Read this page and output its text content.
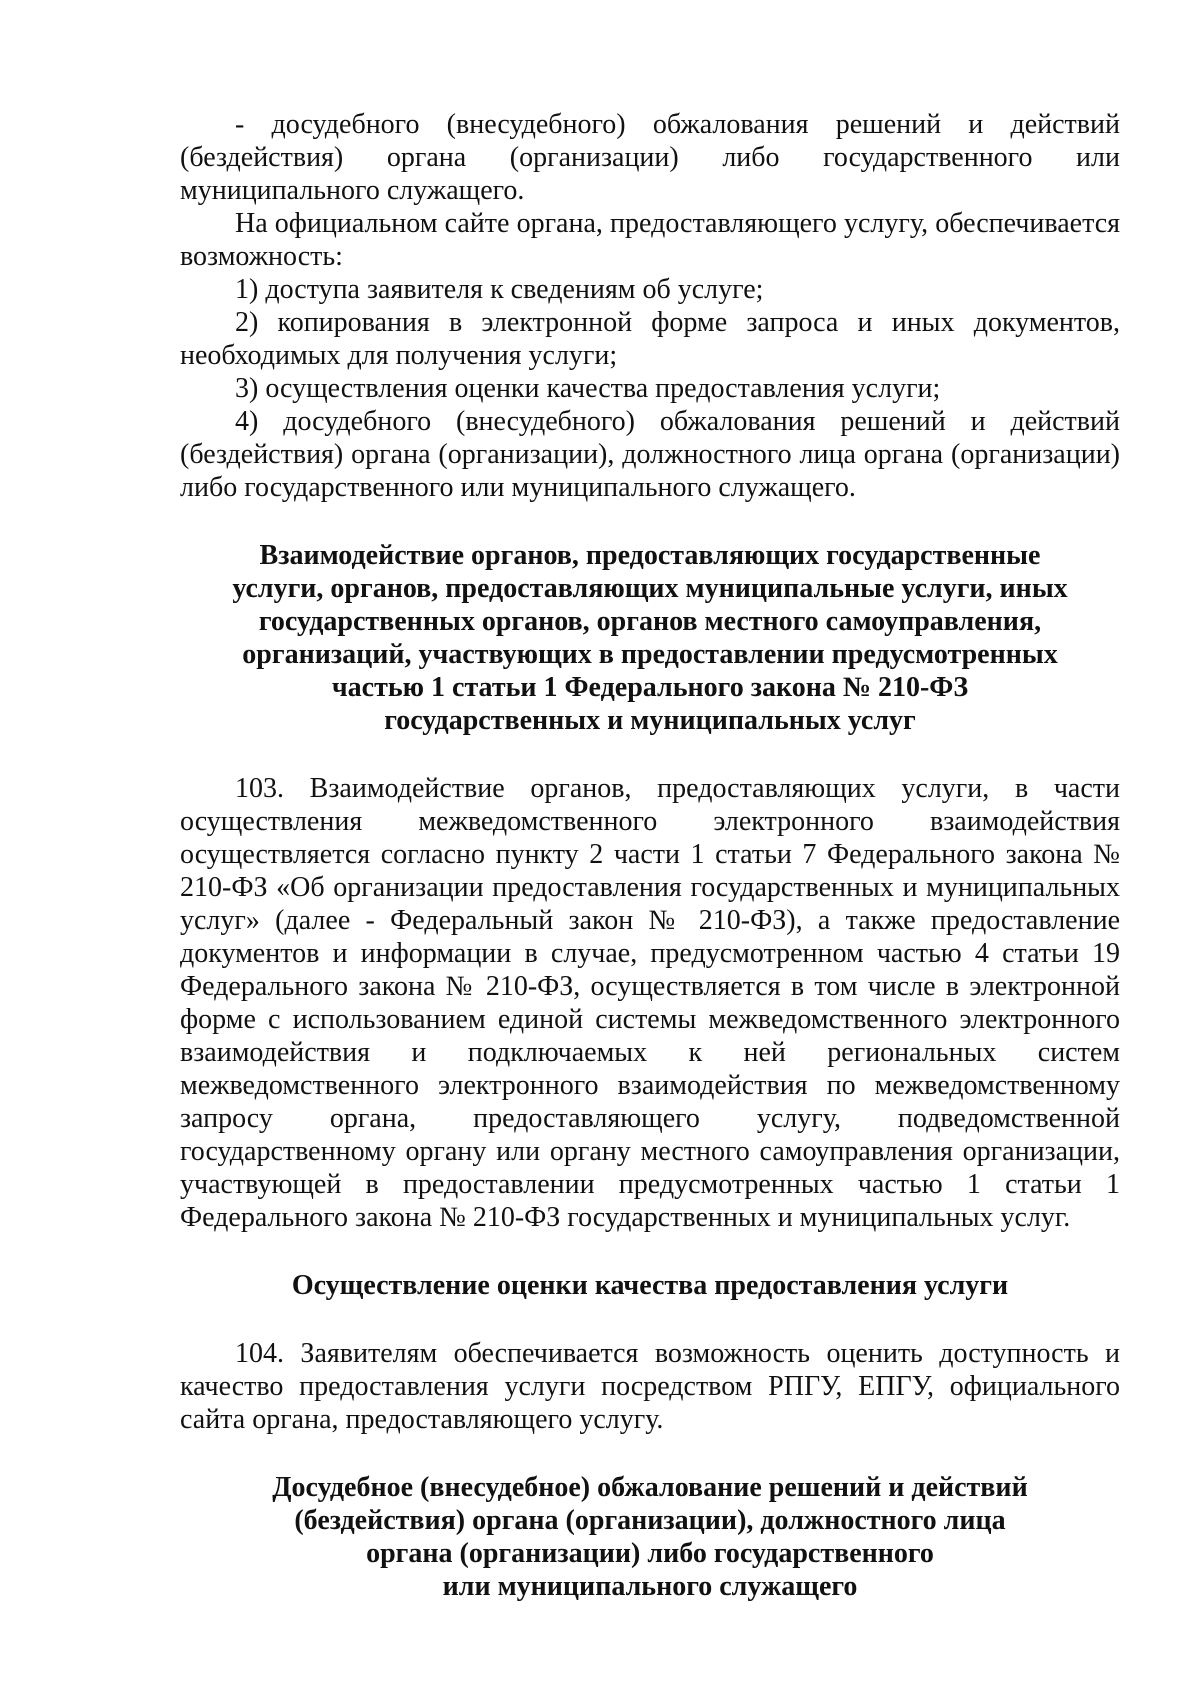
- досудебного (внесудебного) обжалования решений и действий (бездействия) органа (организации) либо государственного или муниципального служащего.

На официальном сайте органа, предоставляющего услугу, обеспечивается возможность:

1) доступа заявителя к сведениям об услуге;

2) копирования в электронной форме запроса и иных документов, необходимых для получения услуги;

3) осуществления оценки качества предоставления услуги;

4) досудебного (внесудебного) обжалования решений и действий (бездействия) органа (организации), должностного лица органа (организации) либо государственного или муниципального служащего.

Взаимодействие органов, предоставляющих государственные
услуги, органов, предоставляющих муниципальные услуги, иных
государственных органов, органов местного самоуправления,
организаций, участвующих в предоставлении предусмотренных
частью 1 статьи 1 Федерального закона № 210-ФЗ
государственных и муниципальных услуг

103. Взаимодействие органов, предоставляющих услуги, в части осуществления межведомственного электронного взаимодействия осуществляется согласно пункту 2 части 1 статьи 7 Федерального закона № 210-ФЗ «Об организации предоставления государственных и муниципальных услуг» (далее - Федеральный закон № 210-ФЗ), а также предоставление документов и информации в случае, предусмотренном частью 4 статьи 19 Федерального закона № 210-ФЗ, осуществляется в том числе в электронной форме с использованием единой системы межведомственного электронного взаимодействия и подключаемых к ней региональных систем межведомственного электронного взаимодействия по межведомственному запросу органа, предоставляющего услугу, подведомственной государственному органу или органу местного самоуправления организации, участвующей в предоставлении предусмотренных частью 1 статьи 1 Федерального закона № 210-ФЗ государственных и муниципальных услуг.

Осуществление оценки качества предоставления услуги

104. Заявителям обеспечивается возможность оценить доступность и качество предоставления услуги посредством РПГУ, ЕПГУ, официального сайта органа, предоставляющего услугу.

Досудебное (внесудебное) обжалование решений и действий
(бездействия) органа (организации), должностного лица
органа (организации) либо государственного
или муниципального служащего
